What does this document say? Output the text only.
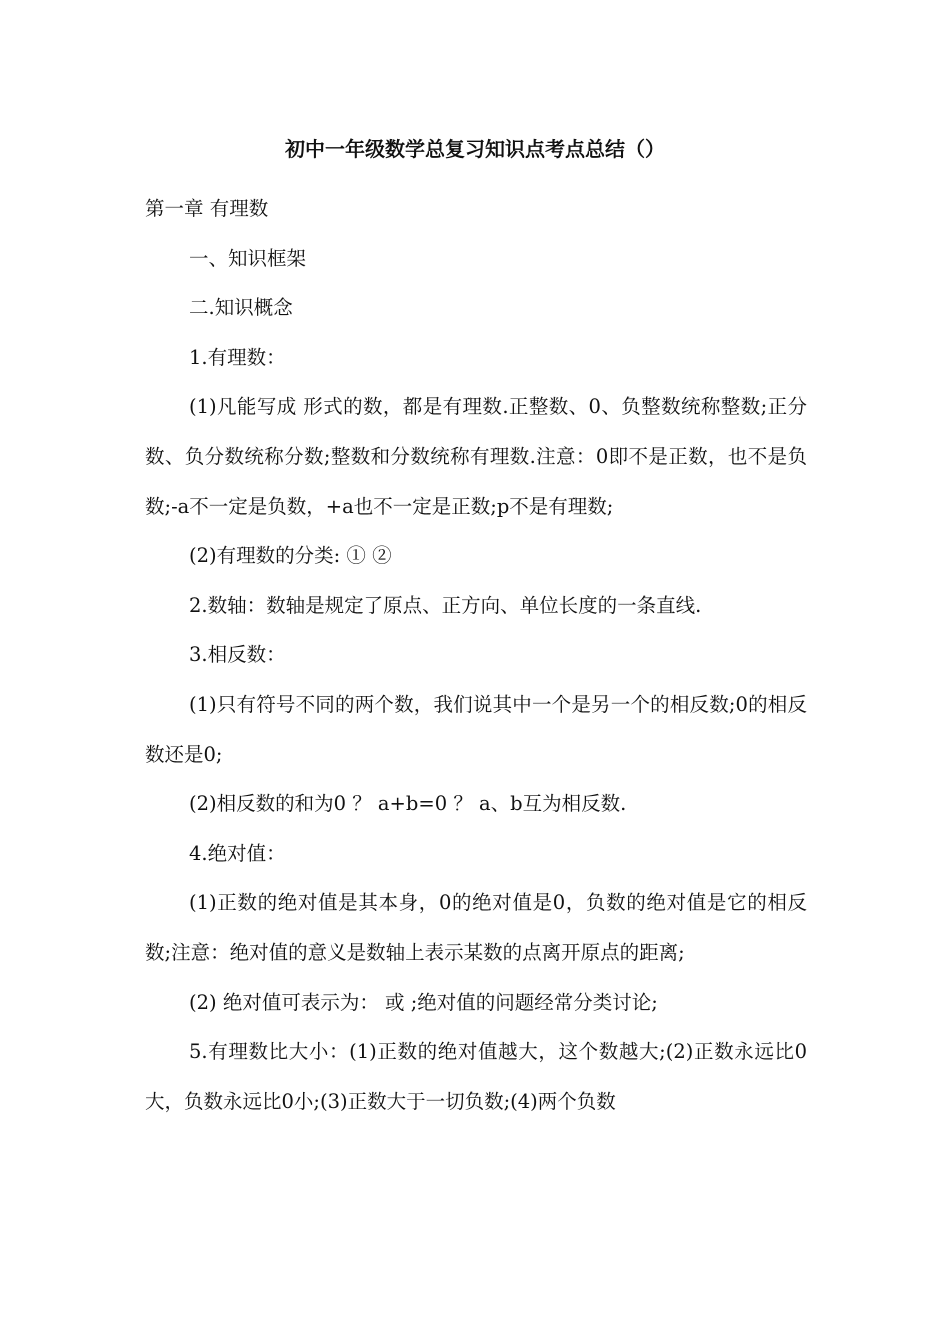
初中一年级数学总复习知识点考点总结（）

第一章 有理数

一、知识框架

二.知识概念

1.有理数：

(1)凡能写成 形式的数，都是有理数.正整数、0、负整数统称整数;正分数、负分数统称分数;整数和分数统称有理数.注意：0即不是正数，也不是负数;-a不一定是负数，+a也不一定是正数;p不是有理数;

(2)有理数的分类: ① ②

2.数轴：数轴是规定了原点、正方向、单位长度的一条直线.

3.相反数：

(1)只有符号不同的两个数，我们说其中一个是另一个的相反数;0的相反数还是0;

(2)相反数的和为0 ？ a+b=0 ？ a、b互为相反数.

4.绝对值：

(1)正数的绝对值是其本身，0的绝对值是0，负数的绝对值是它的相反数;注意：绝对值的意义是数轴上表示某数的点离开原点的距离;

(2) 绝对值可表示为： 或 ;绝对值的问题经常分类讨论;

5.有理数比大小：(1)正数的绝对值越大，这个数越大;(2)正数永远比0大，负数永远比0小;(3)正数大于一切负数;(4)两个负数
